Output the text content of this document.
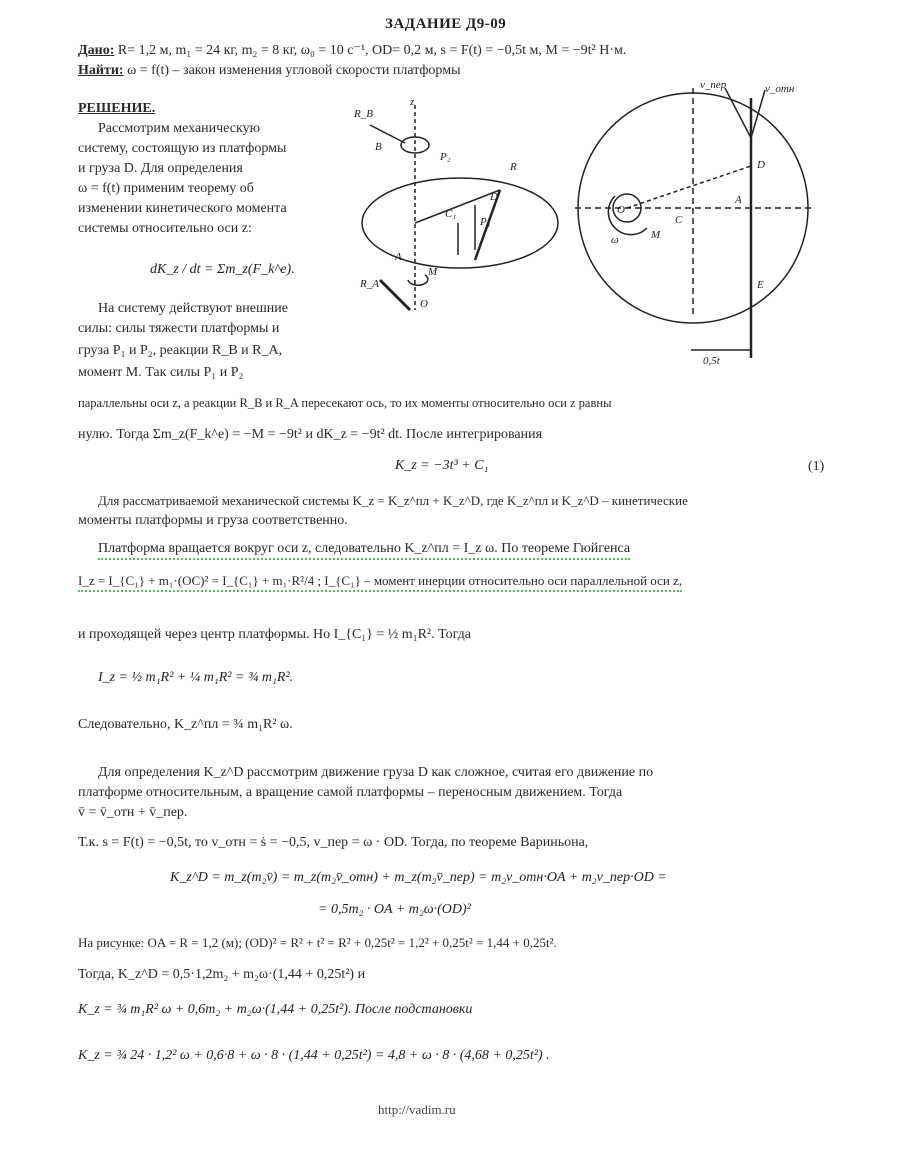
ЗАДАНИЕ Д9-09
Дано: R= 1,2 м, m₁ = 24 кг, m₂ = 8 кг, ω₀ = 10 с⁻¹, OD= 0,2 м, s = F(t) = −0,5t м, M = −9t² Н·м.
Найти: ω = f(t) – закон изменения угловой скорости платформы
РЕШЕНИЕ.
Рассмотрим механическую
систему, состоящую из платформы
и груза D. Для определения
ω = f(t) применим теорему об
изменении кинетического момента
системы относительно оси z:
dK_z / dt = Σm_z(F_k^e).
На систему действуют внешние
силы: силы тяжести платформы и
груза P₁ и P₂, реакции R_B и R_A,
момент M. Так силы P₁ и P₂
параллельны оси z, а реакции R_B и R_A пересекают ось, то их моменты относительно оси z равны
нулю. Тогда Σm_z(F_k^e) = −M = −9t² и dK_z = −9t² dt. После интегрирования
K_z = −3t³ + C₁	(1)
Для рассматриваемой механической системы K_z = K_z^пл + K_z^D, где K_z^пл и K_z^D – кинетические
моменты платформы и груза соответственно.
Платформа вращается вокруг оси z, следовательно K_z^пл = I_z ω. По теореме Гюйгенса
I_z = I_{C₁} + m₁·(OC)² = I_{C₁} + m₁·R²/4 ; I_{C₁} – момент инерции относительно оси параллельной оси z,
и проходящей через центр платформы. Но I_{C₁} = ½ m₁R². Тогда
I_z = ½ m₁R² + ¼ m₁R² = ¾ m₁R².
Следовательно, K_z^пл = ¾ m₁R² ω.
Для определения K_z^D рассмотрим движение груза D как сложное, считая его движение по
платформе относительным, а вращение самой платформы – переносным движением. Тогда
v̄ = v̄_отн + v̄_пер.
Т.к. s = F(t) = −0,5t, то v_отн = ṡ = −0,5, v_пер = ω · OD. Тогда, по теореме Вариньона,
K_z^D = m_z(m₂v̄) = m_z(m₂v̄_отн) + m_z(m₂v̄_пер) = m₂v_отн·OA + m₂v_пер·OD =
= 0,5m₂ · OA + m₂ω·(OD)²
На рисунке: OA = R = 1,2 (м); (OD)² = R² + t² = R² + 0,25t² = 1,2² + 0,25t² = 1,44 + 0,25t².
Тогда, K_z^D = 0,5·1,2m₂ + m₂ω·(1,44 + 0,25t²) и
K_z = ¾ m₁R² ω + 0,6m₂ + m₂ω·(1,44 + 0,25t²). После подстановки
K_z = ¾ 24 · 1,2² ω + 0,6·8 + ω · 8 · (1,44 + 0,25t²) = 4,8 + ω · 8 · (4,68 + 0,25t²) .
z
R_B
B
P₂
R
D
C₁
A
R_A
M
P₁
O
v_пер	v_отн
D
A
C
O
ω	M
E
0,5t
http://vadim.ru
